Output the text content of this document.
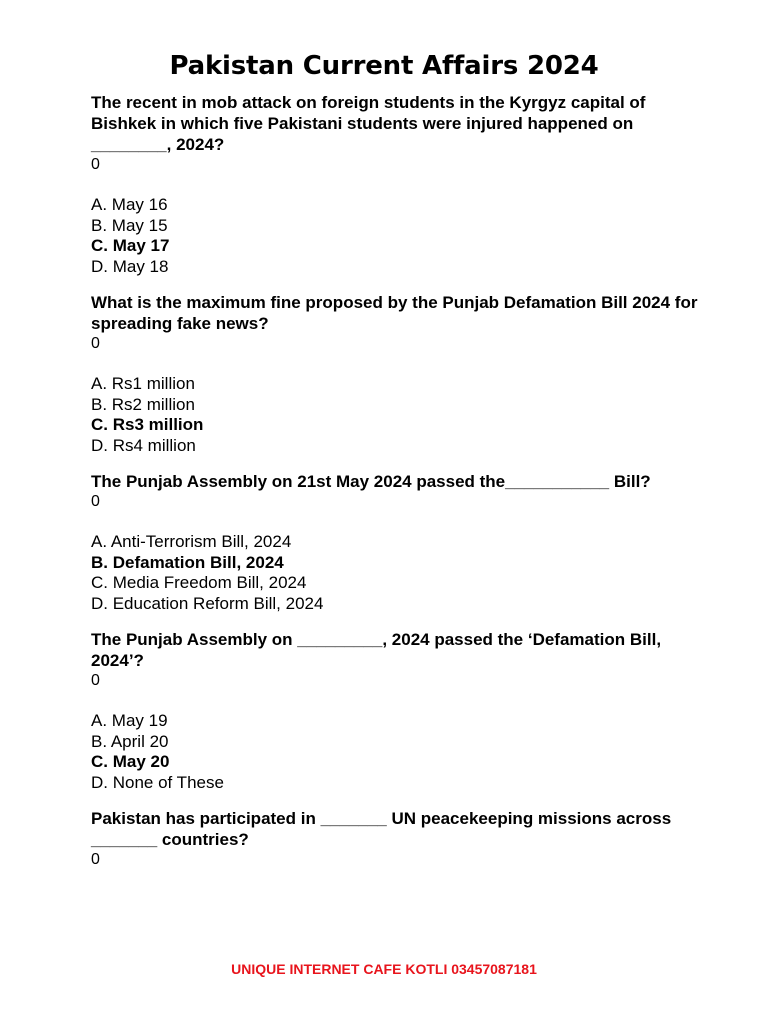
Pakistan Current Affairs 2024
The recent in mob attack on foreign students in the Kyrgyz capital of Bishkek in which five Pakistani students were injured happened on ________, 2024?
0
A. May 16
B. May 15
C. May 17
D. May 18
What is the maximum fine proposed by the Punjab Defamation Bill 2024 for spreading fake news?
0
A. Rs1 million
B. Rs2 million
C. Rs3 million
D. Rs4 million
The Punjab Assembly on 21st May 2024 passed the___________ Bill?
0
A. Anti-Terrorism Bill, 2024
B. Defamation Bill, 2024
C. Media Freedom Bill, 2024
D. Education Reform Bill, 2024
The Punjab Assembly on _________, 2024 passed the ‘Defamation Bill, 2024’?
0
A. May 19
B. April 20
C. May 20
D. None of These
Pakistan has participated in _______ UN peacekeeping missions across _______ countries?
0
UNIQUE INTERNET CAFE KOTLI 03457087181
